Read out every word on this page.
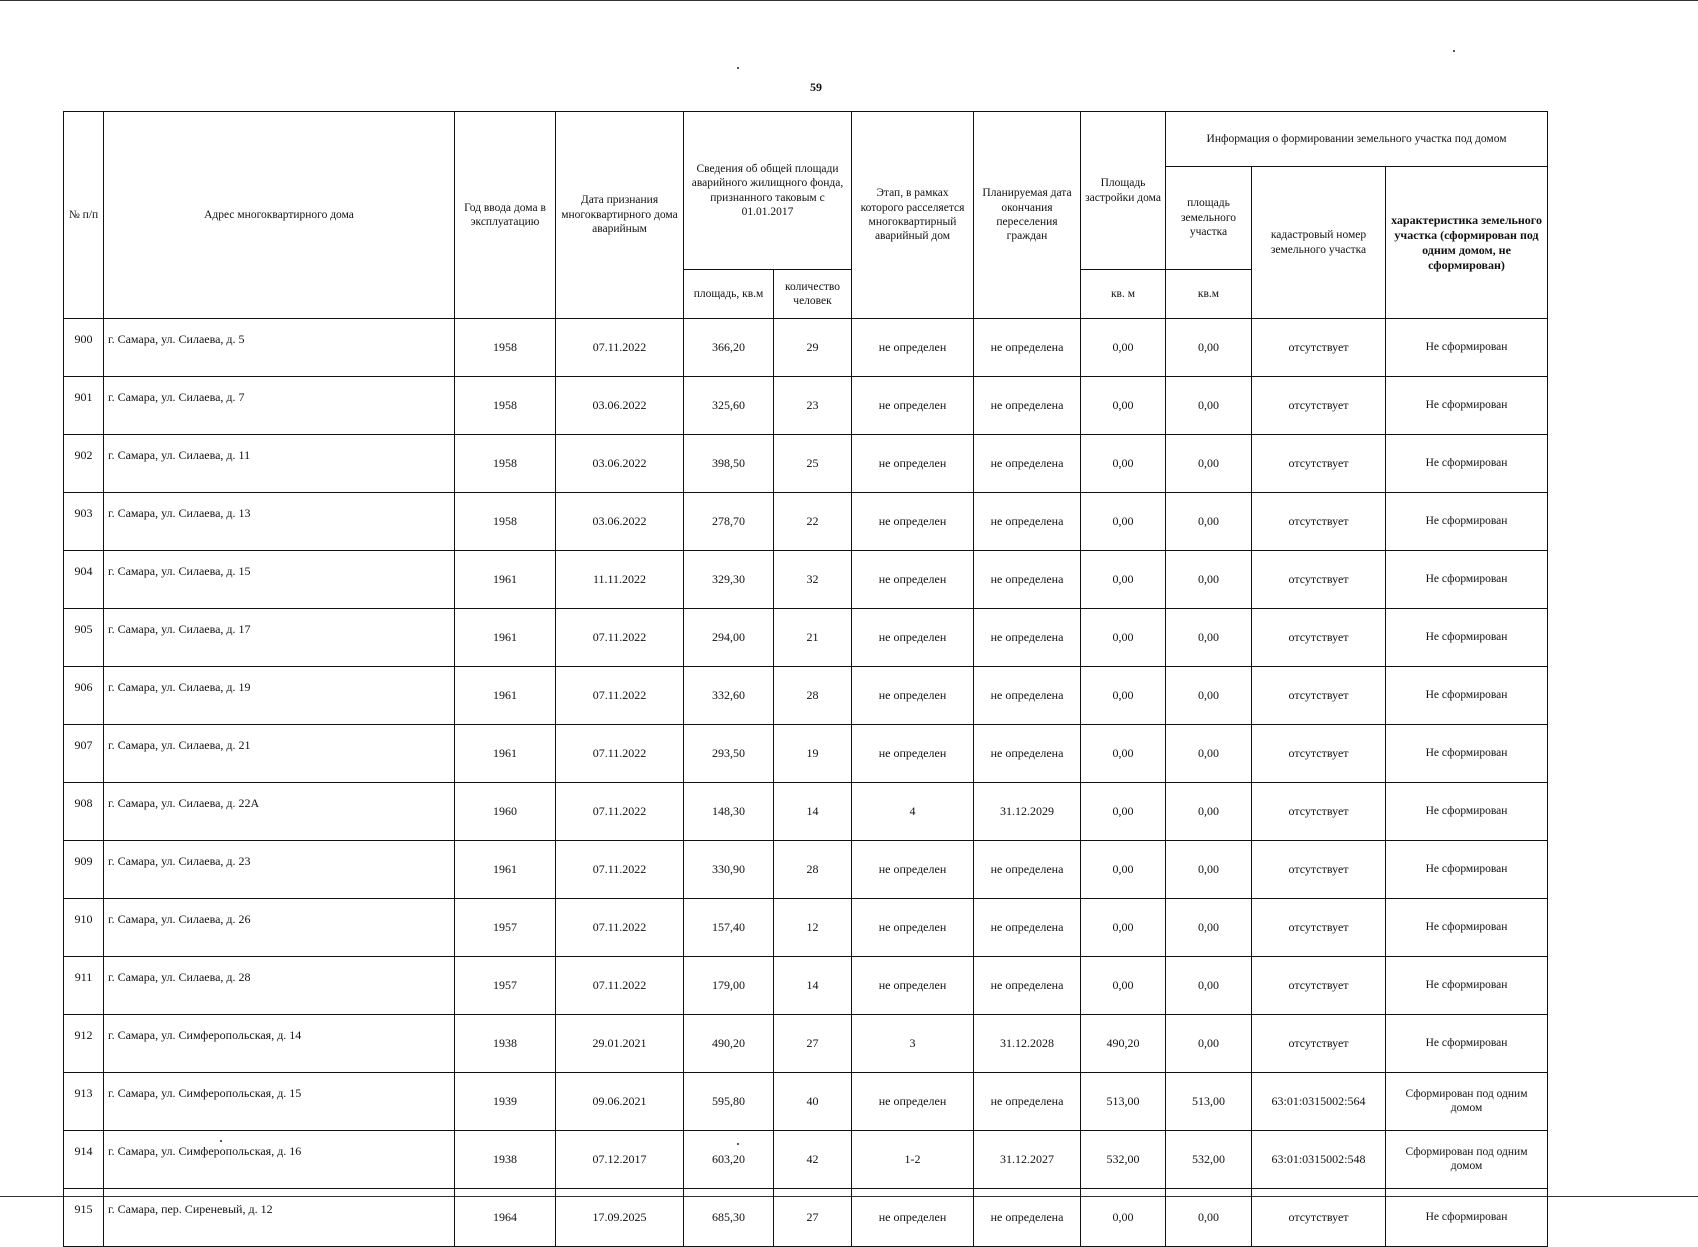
59
№ п/п	Адрес многоквартирного дома	Год ввода дома в эксплуатацию	Дата признания многоквартирного дома аварийным	Сведения об общей площади аварийного жилищного фонда, признанного таковым с 01.01.2017		Этап, в рамках которого расселяется многоквартирный аварийный дом	Планируемая дата окончания переселения граждан	Площадь застройки дома	Информация о формировании земельного участка под домом		
									площадь земельного участка	кадастровый номер земельного участка	характеристика земельного участка (сформирован под одним домом, не сформирован)
				площадь, кв.м	количество человек			кв. м	кв.м		
900	г. Самара, ул. Силаева, д. 5	1958	07.11.2022	366,20	29	не определен	не определена	0,00	0,00	отсутствует	Не сформирован
901	г. Самара, ул. Силаева, д. 7	1958	03.06.2022	325,60	23	не определен	не определена	0,00	0,00	отсутствует	Не сформирован
902	г. Самара, ул. Силаева, д. 11	1958	03.06.2022	398,50	25	не определен	не определена	0,00	0,00	отсутствует	Не сформирован
903	г. Самара, ул. Силаева, д. 13	1958	03.06.2022	278,70	22	не определен	не определена	0,00	0,00	отсутствует	Не сформирован
904	г. Самара, ул. Силаева, д. 15	1961	11.11.2022	329,30	32	не определен	не определена	0,00	0,00	отсутствует	Не сформирован
905	г. Самара, ул. Силаева, д. 17	1961	07.11.2022	294,00	21	не определен	не определена	0,00	0,00	отсутствует	Не сформирован
906	г. Самара, ул. Силаева, д. 19	1961	07.11.2022	332,60	28	не определен	не определена	0,00	0,00	отсутствует	Не сформирован
907	г. Самара, ул. Силаева, д. 21	1961	07.11.2022	293,50	19	не определен	не определена	0,00	0,00	отсутствует	Не сформирован
908	г. Самара, ул. Силаева, д. 22А	1960	07.11.2022	148,30	14	4	31.12.2029	0,00	0,00	отсутствует	Не сформирован
909	г. Самара, ул. Силаева, д. 23	1961	07.11.2022	330,90	28	не определен	не определена	0,00	0,00	отсутствует	Не сформирован
910	г. Самара, ул. Силаева, д. 26	1957	07.11.2022	157,40	12	не определен	не определена	0,00	0,00	отсутствует	Не сформирован
911	г. Самара, ул. Силаева, д. 28	1957	07.11.2022	179,00	14	не определен	не определена	0,00	0,00	отсутствует	Не сформирован
912	г. Самара, ул. Симферопольская, д. 14	1938	29.01.2021	490,20	27	3	31.12.2028	490,20	0,00	отсутствует	Не сформирован
913	г. Самара, ул. Симферопольская, д. 15	1939	09.06.2021	595,80	40	не определен	не определена	513,00	513,00	63:01:0315002:564	Сформирован под одним домом
914	г. Самара, ул. Симферопольская, д. 16	1938	07.12.2017	603,20	42	1-2	31.12.2027	532,00	532,00	63:01:0315002:548	Сформирован под одним домом
915	г. Самара, пер. Сиреневый, д. 12	1964	17.09.2025	685,30	27	не определен	не определена	0,00	0,00	отсутствует	Не сформирован
